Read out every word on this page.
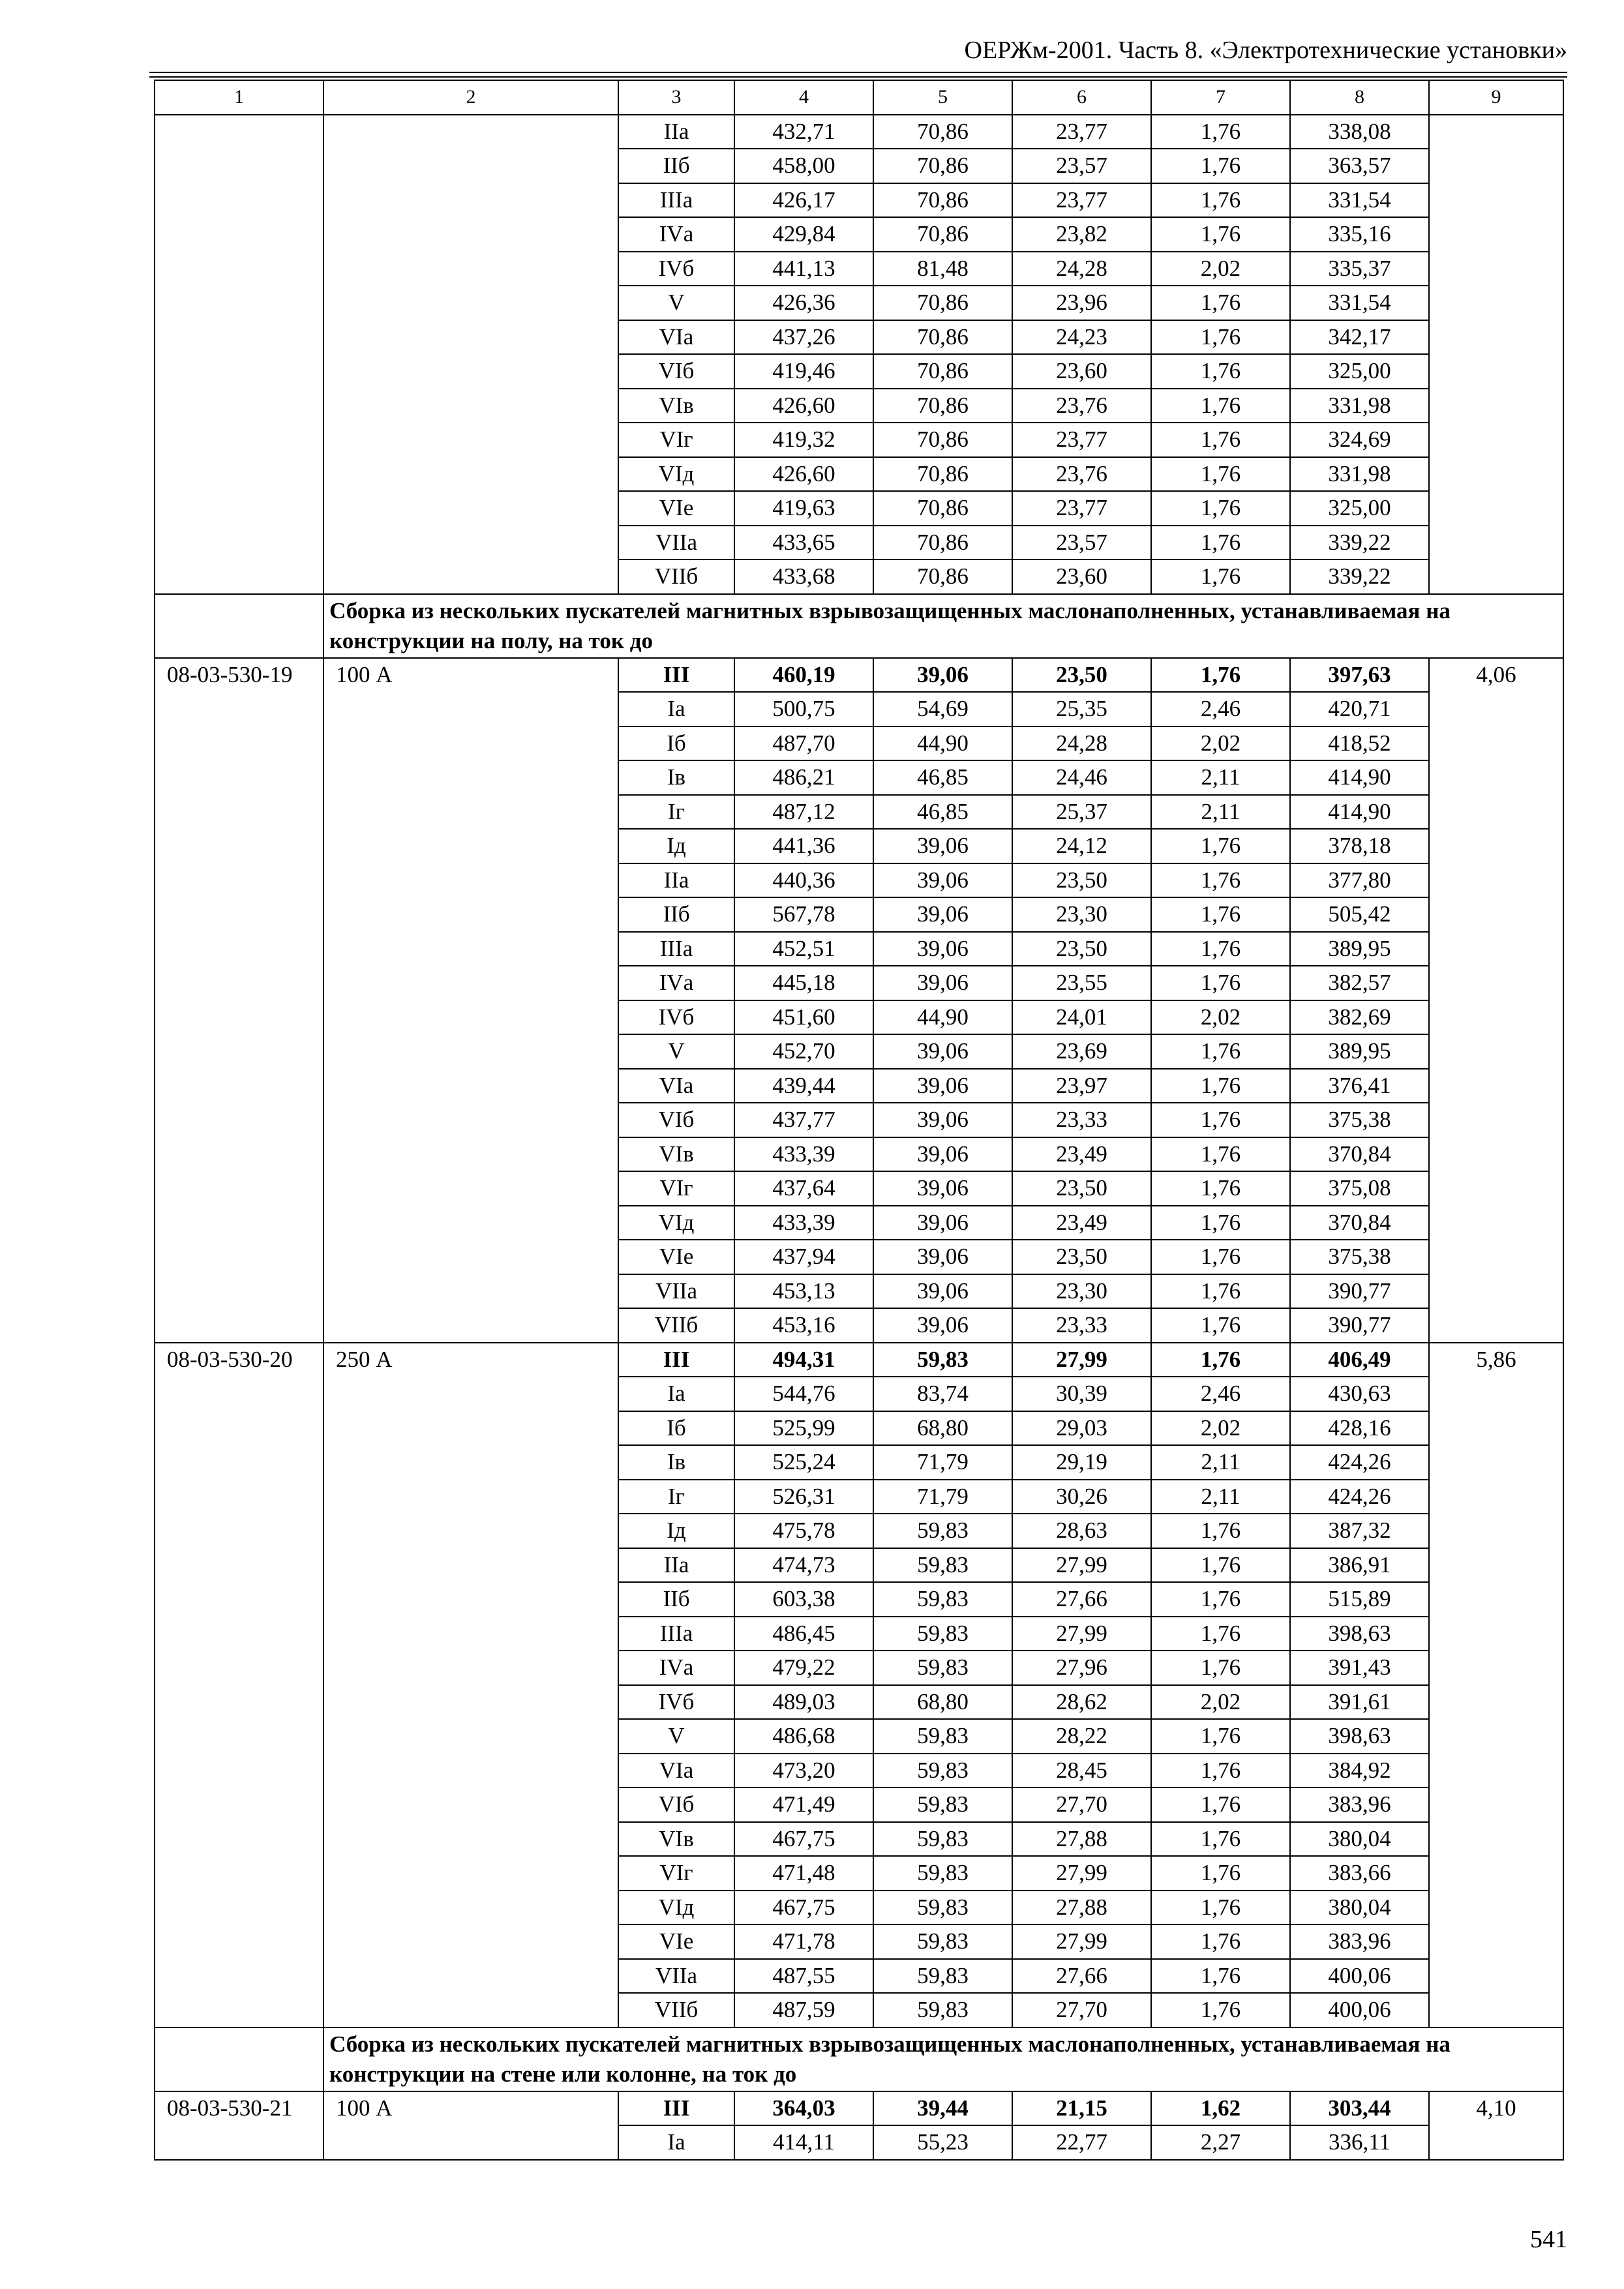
ОЕРЖм-2001. Часть 8. «Электротехнические установки»
1	2	3	4	5	6	7	8	9
		IIа	432,71	70,86	23,77	1,76	338,08	
		IIб	458,00	70,86	23,57	1,76	363,57	
		IIIа	426,17	70,86	23,77	1,76	331,54	
		IVа	429,84	70,86	23,82	1,76	335,16	
		IVб	441,13	81,48	24,28	2,02	335,37	
		V	426,36	70,86	23,96	1,76	331,54	
		VIа	437,26	70,86	24,23	1,76	342,17	
		VIб	419,46	70,86	23,60	1,76	325,00	
		VIв	426,60	70,86	23,76	1,76	331,98	
		VIг	419,32	70,86	23,77	1,76	324,69	
		VIд	426,60	70,86	23,76	1,76	331,98	
		VIе	419,63	70,86	23,77	1,76	325,00	
		VIIа	433,65	70,86	23,57	1,76	339,22	
		VIIб	433,68	70,86	23,60	1,76	339,22	
	Сборка из нескольких пускателей магнитных взрывозащищенных маслонаполненных, устанавливаемая на конструкции на полу, на ток до							
08-03-530-19	100 А	III	460,19	39,06	23,50	1,76	397,63	4,06
		Iа	500,75	54,69	25,35	2,46	420,71	
		Iб	487,70	44,90	24,28	2,02	418,52	
		Iв	486,21	46,85	24,46	2,11	414,90	
		Iг	487,12	46,85	25,37	2,11	414,90	
		Iд	441,36	39,06	24,12	1,76	378,18	
		IIа	440,36	39,06	23,50	1,76	377,80	
		IIб	567,78	39,06	23,30	1,76	505,42	
		IIIа	452,51	39,06	23,50	1,76	389,95	
		IVа	445,18	39,06	23,55	1,76	382,57	
		IVб	451,60	44,90	24,01	2,02	382,69	
		V	452,70	39,06	23,69	1,76	389,95	
		VIа	439,44	39,06	23,97	1,76	376,41	
		VIб	437,77	39,06	23,33	1,76	375,38	
		VIв	433,39	39,06	23,49	1,76	370,84	
		VIг	437,64	39,06	23,50	1,76	375,08	
		VIд	433,39	39,06	23,49	1,76	370,84	
		VIе	437,94	39,06	23,50	1,76	375,38	
		VIIа	453,13	39,06	23,30	1,76	390,77	
		VIIб	453,16	39,06	23,33	1,76	390,77	
08-03-530-20	250 А	III	494,31	59,83	27,99	1,76	406,49	5,86
		Iа	544,76	83,74	30,39	2,46	430,63	
		Iб	525,99	68,80	29,03	2,02	428,16	
		Iв	525,24	71,79	29,19	2,11	424,26	
		Iг	526,31	71,79	30,26	2,11	424,26	
		Iд	475,78	59,83	28,63	1,76	387,32	
		IIа	474,73	59,83	27,99	1,76	386,91	
		IIб	603,38	59,83	27,66	1,76	515,89	
		IIIа	486,45	59,83	27,99	1,76	398,63	
		IVа	479,22	59,83	27,96	1,76	391,43	
		IVб	489,03	68,80	28,62	2,02	391,61	
		V	486,68	59,83	28,22	1,76	398,63	
		VIа	473,20	59,83	28,45	1,76	384,92	
		VIб	471,49	59,83	27,70	1,76	383,96	
		VIв	467,75	59,83	27,88	1,76	380,04	
		VIг	471,48	59,83	27,99	1,76	383,66	
		VIд	467,75	59,83	27,88	1,76	380,04	
		VIе	471,78	59,83	27,99	1,76	383,96	
		VIIа	487,55	59,83	27,66	1,76	400,06	
		VIIб	487,59	59,83	27,70	1,76	400,06	
	Сборка из нескольких пускателей магнитных взрывозащищенных маслонаполненных, устанавливаемая на конструкции на стене или колонне, на ток до							
08-03-530-21	100 А	III	364,03	39,44	21,15	1,62	303,44	4,10
		Iа	414,11	55,23	22,77	2,27	336,11	
541
